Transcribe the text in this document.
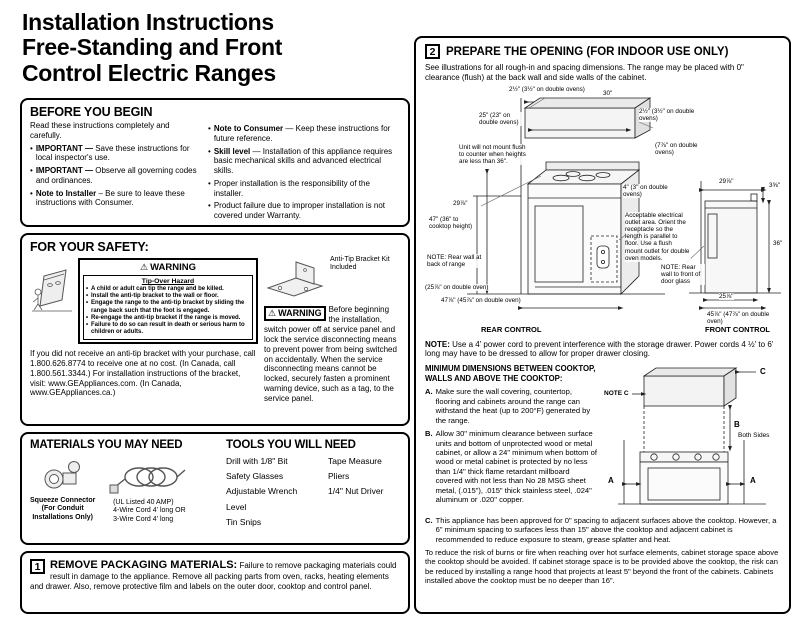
Installation Instructions
Free-Standing and Front
Control Electric Ranges
BEFORE YOU BEGIN

Read these instructions completely and carefully.

• IMPORTANT — Save these instructions for local inspector's use.

• IMPORTANT — Observe all governing codes and ordinances.

• Note to Installer – Be sure to leave these instructions with Consumer.

• Note to Consumer — Keep these instructions for future reference.

• Skill level — Installation of this appliance requires basic mechanical skills and advanced electrical skills.

• Proper installation is the responsibility of the installer.

• Product failure due to improper installation is not covered under Warranty.

FOR YOUR SAFETY:
⚠ WARNING
Tip-Over Hazard
• A child or adult can tip the range and be killed.
• Install the anti-tip bracket to the wall or floor.
• Engage the range to the anti-tip bracket by sliding the range back such that the foot is engaged.
• Re-engage the anti-tip bracket if the range is moved.
• Failure to do so can result in death or serious harm to children or adults.

If you did not receive an anti-tip bracket with your purchase, call 1.800.626.8774 to receive one at no cost. (In Canada, call 1.800.561.3344.) For installation instructions of the bracket, visit: www.GEAppliances.com. (In Canada, www.GEAppliances.ca.)

Anti-Tip Bracket Kit Included

⚠ WARNING Before beginning the installation, switch power off at service panel and lock the service disconnecting means to prevent power from being switched on accidentally. When the service disconnecting means cannot be locked, securely fasten a prominent warning device, such as a tag, to the service panel.

MATERIALS YOU MAY NEED
Squeeze Connector
(For Conduit
Installations Only)
(UL Listed 40 AMP)
4-Wire Cord 4' long OR
3-Wire Cord 4' long
TOOLS YOU WILL NEED
Drill with 1/8" Bit
Safety Glasses
Adjustable Wrench
Level
Tin Snips
Tape Measure
Pliers
1/4" Nut Driver
1 REMOVE PACKAGING MATERIALS: Failure to remove packaging materials could result in damage to the appliance. Remove all packing parts from oven, racks, heating elements and drawer. Also, remove protective film and labels on the outer door, cooktop and control panel.

2 PREPARE THE OPENING (FOR INDOOR USE ONLY)

See illustrations for all rough-in and spacing dimensions. The range may be placed with 0" clearance (flush) at the back wall and side walls of the cabinet.

2½" (3½" on double ovens)
30"
25" (23" on double ovens)
2½" (3½" on double ovens)
(7⅞" on double ovens)
Unit will not mount flush to counter when heights are less than 36".
4" (3" on double ovens)
29⅞"
47" (36" to cooktop height)
NOTE: Rear wall at back of range
Acceptable electrical outlet area. Orient the receptacle so the length is parallel to floor. Use a flush mount outlet for double oven models.
(25⅞" on double oven)
47⅞" (45⅞" on double oven)
REAR CONTROL
29⅞"
3⅝"
36"
NOTE: Rear wall to front of door glass
25⅞"
45⅞" (47⅞" on double oven)
FRONT CONTROL

NOTE: Use a 4' power cord to prevent interference with the storage drawer. Power cords 4 ½' to 6' long may have to be dressed to allow for proper drawer closing.

MINIMUM DIMENSIONS BETWEEN COOKTOP, WALLS AND ABOVE THE COOKTOP:

A. Make sure the wall covering, countertop, flooring and cabinets around the range can withstand the heat (up to 200°F) generated by the range.

B. Allow 30" minimum clearance between surface units and bottom of unprotected wood or metal cabinet, or allow a 24" minimum when bottom of wood or metal cabinet is protected by no less than 1/4" thick flame retardant millboard covered with not less than No 28 MSG sheet metal, (.015"), .015" thick stainless steel, .024" aluminum or .020" copper.

NOTE C
C
B
Both Sides
A	A

C. This appliance has been approved for 0" spacing to adjacent surfaces above the cooktop. However, a 6" minimum spacing to surfaces less than 15" above the cooktop and adjacent cabinet is recommended to reduce exposure to steam, grease splatter and heat.

To reduce the risk of burns or fire when reaching over hot surface elements, cabinet storage space above the cooktop should be avoided. If cabinet storage space is to be provided above the cooktop, the risk can be reduced by installing a range hood that projects at least 5" beyond the front of the cabinets. Cabinets installed above the cooktop must be no deeper than 16".
